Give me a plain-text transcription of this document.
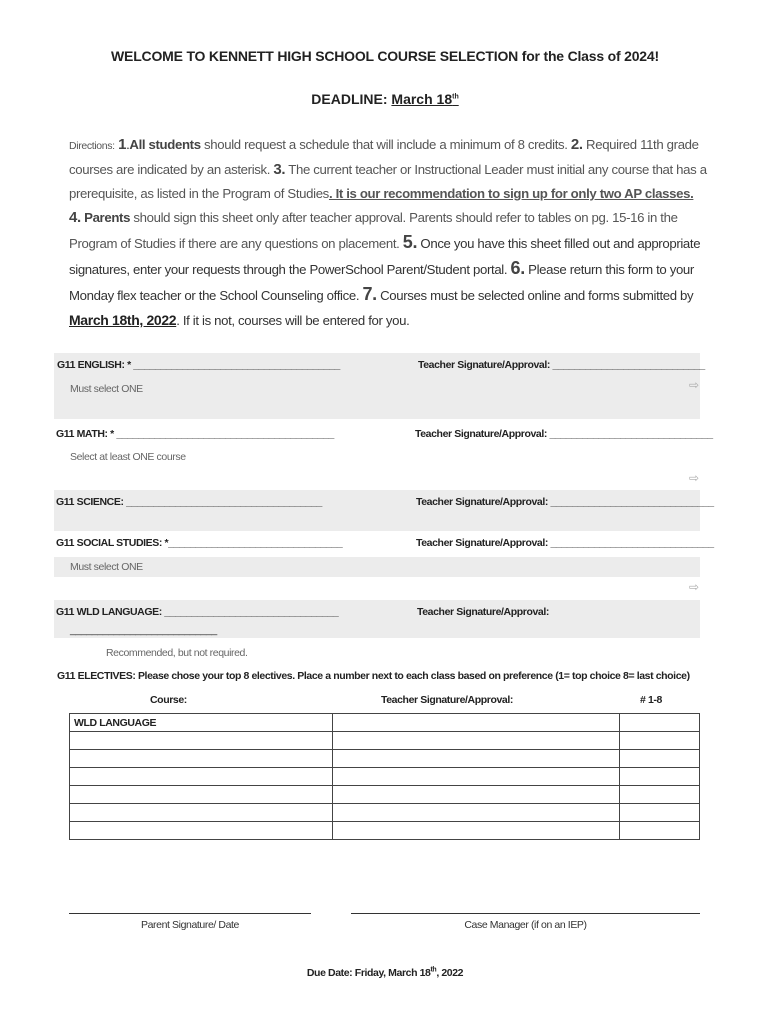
WELCOME TO KENNETT HIGH SCHOOL COURSE SELECTION for the Class of 2024!
DEADLINE: March 18th
Directions: 1.All students should request a schedule that will include a minimum of 8 credits. 2. Required 11th grade courses are indicated by an asterisk. 3. The current teacher or Instructional Leader must initial any course that has a prerequisite, as listed in the Program of Studies. It is our recommendation to sign up for only two AP classes.
4. Parents should sign this sheet only after teacher approval. Parents should refer to tables on pg. 15-16 in the Program of Studies if there are any questions on placement. 5. Once you have this sheet filled out and appropriate signatures, enter your requests through the PowerSchool Parent/Student portal. 6. Please return this form to your Monday flex teacher or the School Counseling office. 7. Courses must be selected online and forms submitted by March 18th, 2022. If it is not, courses will be entered for you.
G11 ENGLISH: * ______________________________________	Teacher Signature/Approval: ____________________________
Must select ONE	⇨
G11 MATH: * ________________________________________	Teacher Signature/Approval: ______________________________
Select at least ONE course
⇨
G11 SCIENCE: ____________________________________	Teacher Signature/Approval: ______________________________
G11 SOCIAL STUDIES: *________________________________	Teacher Signature/Approval: ______________________________
Must select ONE
⇨
G11 WLD LANGUAGE: ________________________________	Teacher Signature/Approval:
___________________________
Recommended, but not required.
G11 ELECTIVES: Please chose your top 8 electives. Place a number next to each class based on preference (1= top choice 8= last choice)
Course:	Teacher Signature/Approval:	# 1-8
WLD LANGUAGE		

Parent Signature/ Date	Case Manager (if on an IEP)
Due Date: Friday, March 18th, 2022
